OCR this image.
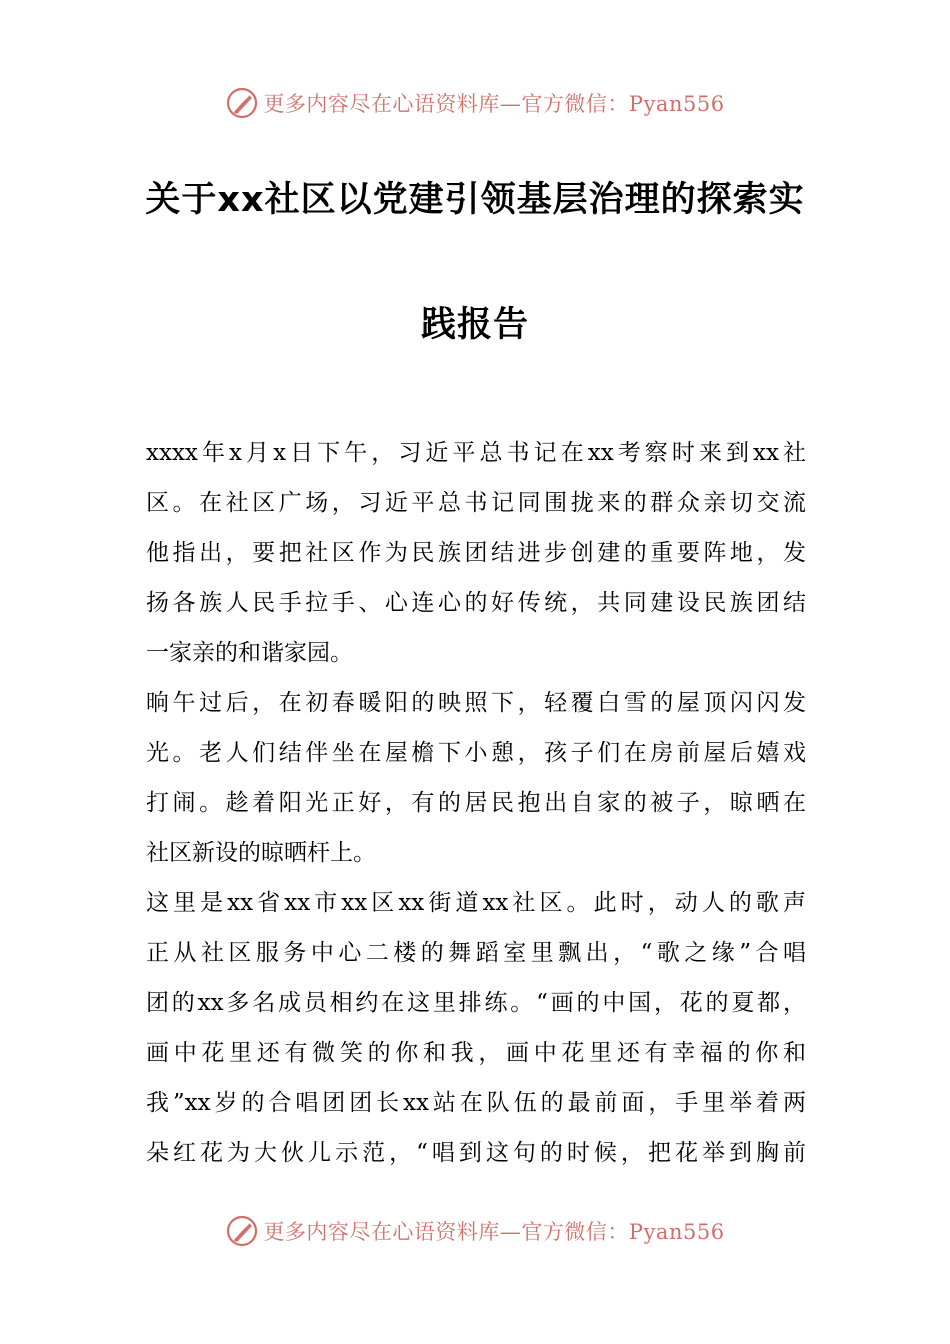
更多内容尽在心语资料库—官方微信：Pyan556
关于xx社区以党建引领基层治理的探索实
践报告
xxxx年x月x日下午，习近平总书记在xx考察时来到xx社
区。在社区广场，习近平总书记同围拢来的群众亲切交流
他指出，要把社区作为民族团结进步创建的重要阵地，发
扬各族人民手拉手、心连心的好传统，共同建设民族团结
一家亲的和谐家园。
晌午过后，在初春暖阳的映照下，轻覆白雪的屋顶闪闪发
光。老人们结伴坐在屋檐下小憩，孩子们在房前屋后嬉戏
打闹。趁着阳光正好，有的居民抱出自家的被子，晾晒在
社区新设的晾晒杆上。
这里是xx省xx市xx区xx街道xx社区。此时，动人的歌声
正从社区服务中心二楼的舞蹈室里飘出，“歌之缘”合唱
团的xx多名成员相约在这里排练。“画的中国，花的夏都，
画中花里还有微笑的你和我，画中花里还有幸福的你和
我”xx岁的合唱团团长xx站在队伍的最前面，手里举着两
朵红花为大伙儿示范，“唱到这句的时候，把花举到胸前
更多内容尽在心语资料库—官方微信：Pyan556
